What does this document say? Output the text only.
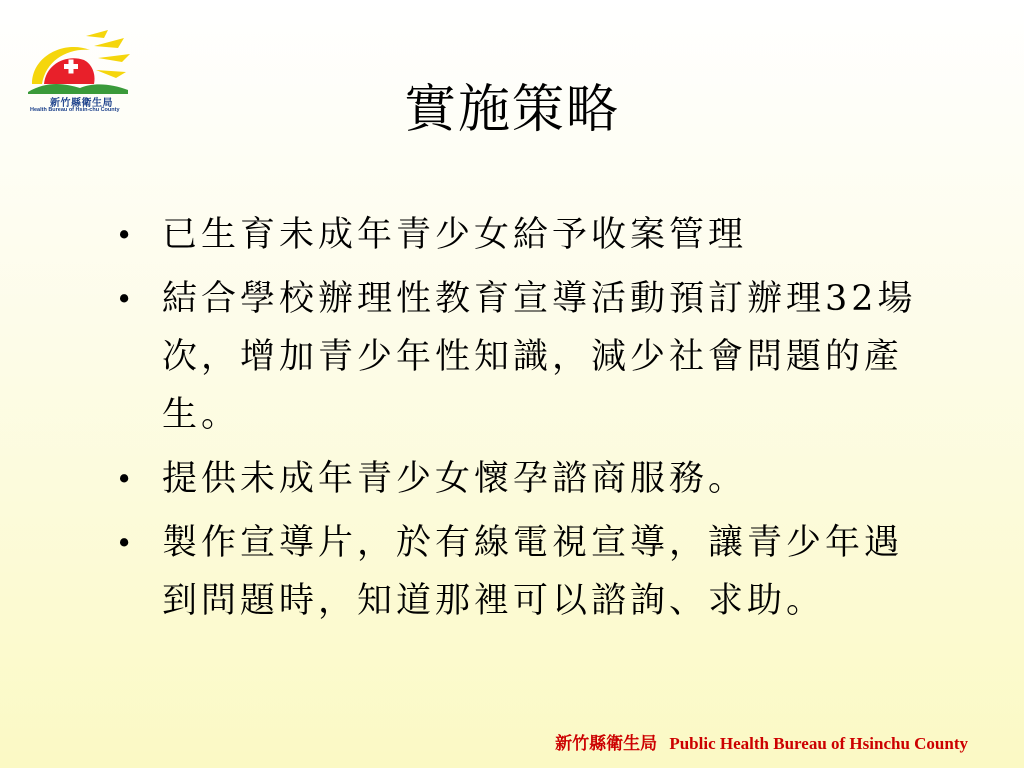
新竹縣衛生局
Health Bureau of Hsin-chu County	實施策略
• 已生育未成年青少女給予收案管理
• 結合學校辦理性教育宣導活動預訂辦理32場次，增加青少年性知識，減少社會問題的產生。
• 提供未成年青少女懷孕諮商服務。
• 製作宣導片，於有線電視宣導，讓青少年遇到問題時，知道那裡可以諮詢、求助。
新竹縣衛生局 Public Health Bureau of Hsinchu County
